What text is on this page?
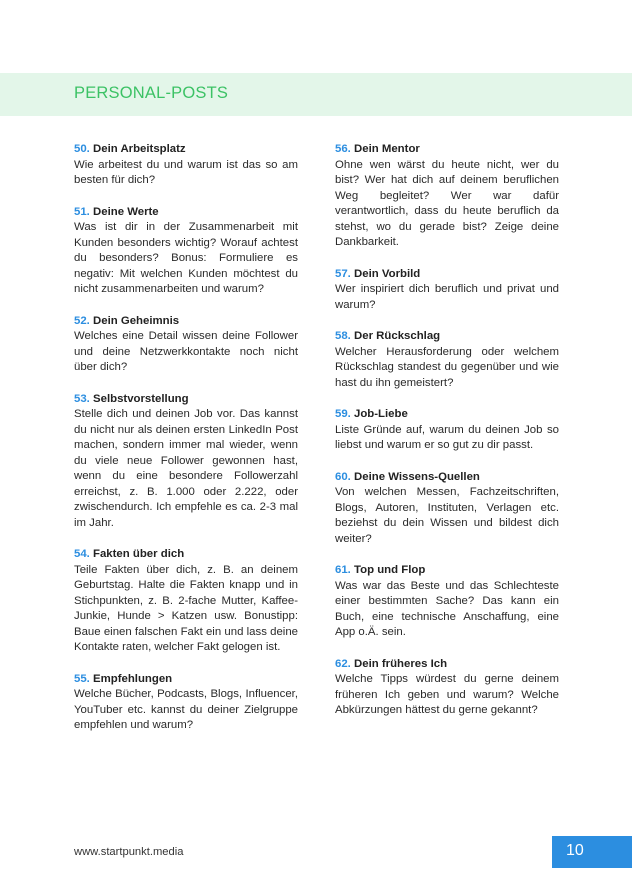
PERSONAL-POSTS
50. Dein Arbeitsplatz
Wie arbeitest du und warum ist das so am besten für dich?
51. Deine Werte
Was ist dir in der Zusammenarbeit mit Kunden besonders wichtig? Worauf achtest du besonders? Bonus: Formuliere es negativ: Mit welchen Kunden möchtest du nicht zusammenarbeiten und warum?
52. Dein Geheimnis
Welches eine Detail wissen deine Follower und deine Netzwerkkontakte noch nicht über dich?
53. Selbstvorstellung
Stelle dich und deinen Job vor. Das kannst du nicht nur als deinen ersten LinkedIn Post machen, sondern immer mal wieder, wenn du viele neue Follower gewonnen hast, wenn du eine besondere Followerzahl erreichst, z. B. 1.000 oder 2.222, oder zwischendurch. Ich empfehle es ca. 2-3 mal im Jahr.
54. Fakten über dich
Teile Fakten über dich, z. B. an deinem Geburtstag. Halte die Fakten knapp und in Stichpunkten, z. B. 2-fache Mutter, Kaffee-Junkie, Hunde > Katzen usw. Bonustipp: Baue einen falschen Fakt ein und lass deine Kontakte raten, welcher Fakt gelogen ist.
55. Empfehlungen
Welche Bücher, Podcasts, Blogs, Influencer, YouTuber etc. kannst du deiner Zielgruppe empfehlen und warum?
56. Dein Mentor
Ohne wen wärst du heute nicht, wer du bist? Wer hat dich auf deinem beruflichen Weg begleitet? Wer war dafür verantwortlich, dass du heute beruflich da stehst, wo du gerade bist? Zeige deine Dankbarkeit.
57. Dein Vorbild
Wer inspiriert dich beruflich und privat und warum?
58. Der Rückschlag
Welcher Herausforderung oder welchem Rückschlag standest du gegenüber und wie hast du ihn gemeistert?
59. Job-Liebe
Liste Gründe auf, warum du deinen Job so liebst und warum er so gut zu dir passt.
60. Deine Wissens-Quellen
Von welchen Messen, Fachzeitschriften, Blogs, Autoren, Instituten, Verlagen etc. beziehst du dein Wissen und bildest dich weiter?
61. Top und Flop
Was war das Beste und das Schlechteste einer bestimmten Sache? Das kann ein Buch, eine technische Anschaffung, eine App o.Ä. sein.
62. Dein früheres Ich
Welche Tipps würdest du gerne deinem früheren Ich geben und warum? Welche Abkürzungen hättest du gerne gekannt?
www.startpunkt.media	10
